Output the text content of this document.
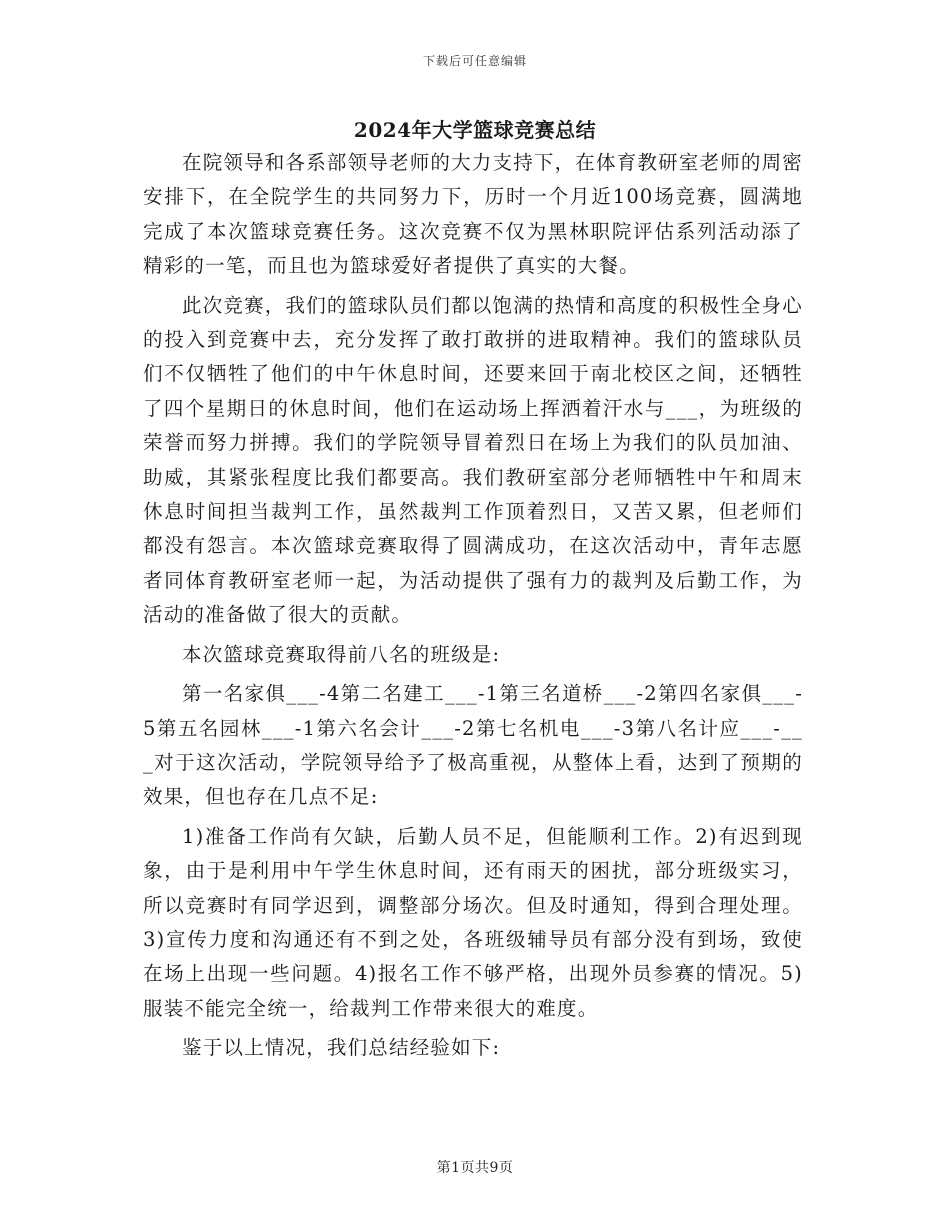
下载后可任意编辑
2024年大学篮球竞赛总结

在院领导和各系部领导老师的大力支持下，在体育教研室老师的周密安排下，在全院学生的共同努力下，历时一个月近100场竞赛，圆满地完成了本次篮球竞赛任务。这次竞赛不仅为黑林职院评估系列活动添了精彩的一笔，而且也为篮球爱好者提供了真实的大餐。

此次竞赛，我们的篮球队员们都以饱满的热情和高度的积极性全身心的投入到竞赛中去，充分发挥了敢打敢拼的进取精神。我们的篮球队员们不仅牺牲了他们的中午休息时间，还要来回于南北校区之间，还牺牲了四个星期日的休息时间，他们在运动场上挥洒着汗水与___，为班级的荣誉而努力拼搏。我们的学院领导冒着烈日在场上为我们的队员加油、助威，其紧张程度比我们都要高。我们教研室部分老师牺牲中午和周末休息时间担当裁判工作，虽然裁判工作顶着烈日，又苦又累，但老师们都没有怨言。本次篮球竞赛取得了圆满成功，在这次活动中，青年志愿者同体育教研室老师一起，为活动提供了强有力的裁判及后勤工作，为活动的准备做了很大的贡献。

本次篮球竞赛取得前八名的班级是:

第一名家俱___-4第二名建工___-1第三名道桥___-2第四名家俱___-5第五名园林___-1第六名会计___-2第七名机电___-3第八名计应___-___对于这次活动，学院领导给予了极高重视，从整体上看，达到了预期的效果，但也存在几点不足:

1)准备工作尚有欠缺，后勤人员不足，但能顺利工作。2)有迟到现象，由于是利用中午学生休息时间，还有雨天的困扰，部分班级实习，所以竞赛时有同学迟到，调整部分场次。但及时通知，得到合理处理。3)宣传力度和沟通还有不到之处，各班级辅导员有部分没有到场，致使在场上出现一些问题。4)报名工作不够严格，出现外员参赛的情况。5)服装不能完全统一，给裁判工作带来很大的难度。

鉴于以上情况，我们总结经验如下:

第1页共9页
